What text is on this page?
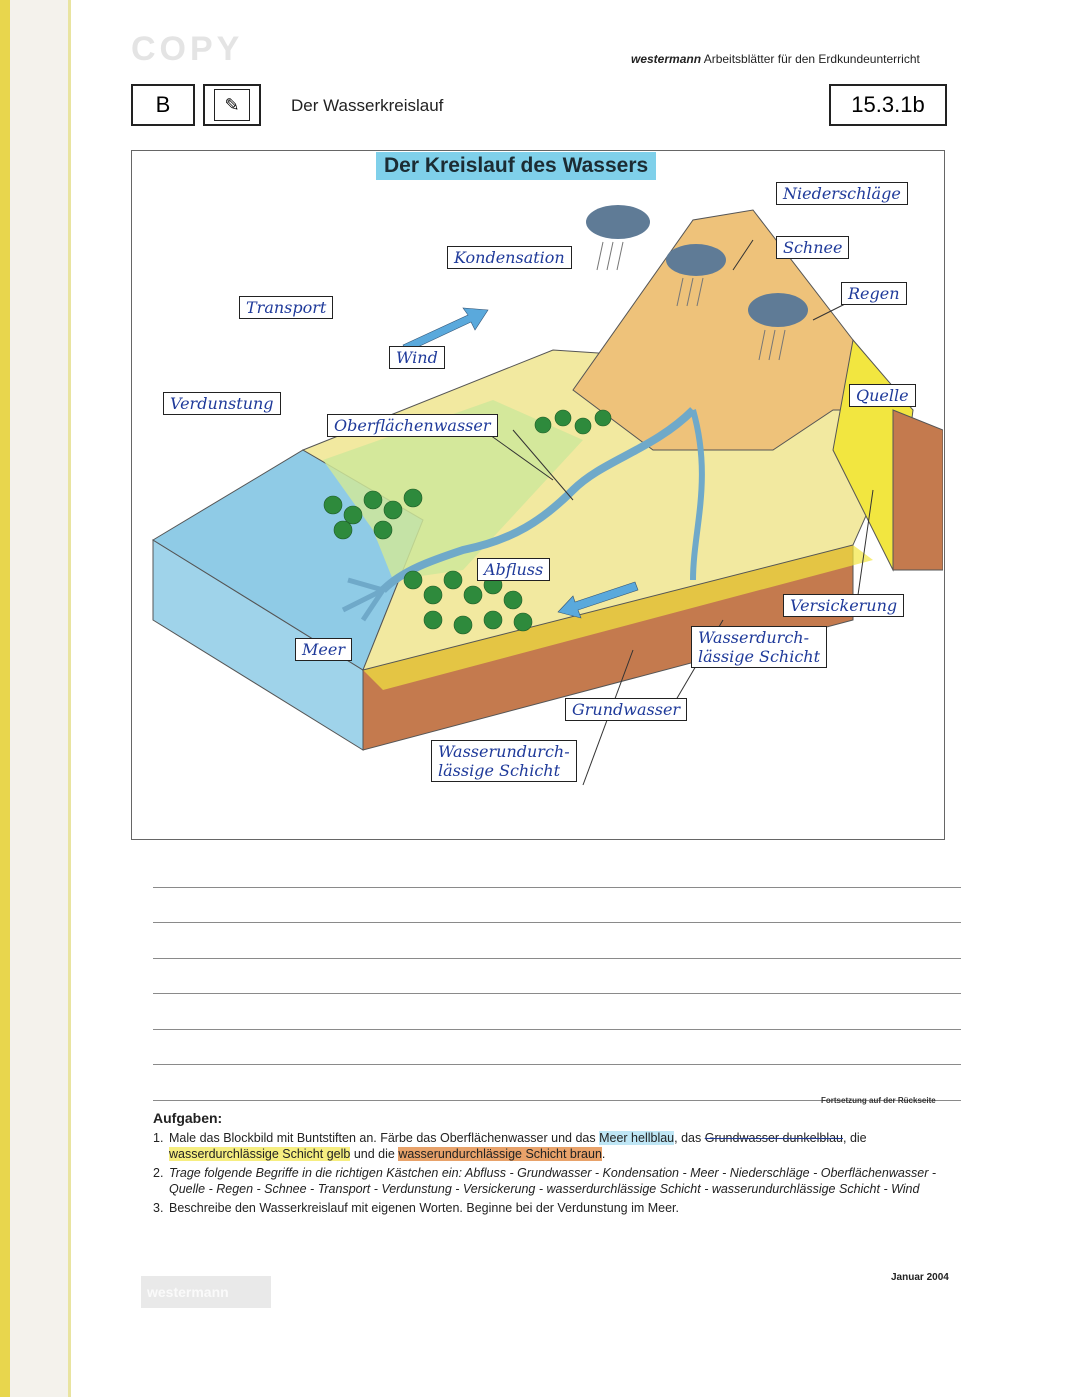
COPY	westermann Arbeitsblätter für den Erdkundeunterricht
B	✎	Der Wasserkreislauf	15.3.1b
Der Kreislauf des Wassers
Niederschläge
Schnee
Regen
Kondensation
Transport
Wind
Verdunstung
Oberflächenwasser
Quelle
Abfluss
Versickerung
Meer
Wasserdurch-
lässige Schicht
Grundwasser
Wasserundurch-
lässige Schicht
Fortsetzung auf der Rückseite
Aufgaben:
1. Male das Blockbild mit Buntstiften an. Färbe das Oberflächenwasser und das Meer hellblau, das Grundwasser dunkelblau, die wasserdurchlässige Schicht gelb und die wasserundurchlässige Schicht braun.
2. Trage folgende Begriffe in die richtigen Kästchen ein: Abfluss - Grundwasser - Kondensation - Meer - Niederschläge - Oberflächenwasser - Quelle - Regen - Schnee - Transport - Verdunstung - Versickerung - wasserdurchlässige Schicht - wasserundurchlässige Schicht - Wind
3. Beschreibe den Wasserkreislauf mit eigenen Worten. Beginne bei der Verdunstung im Meer.
westermann
Januar 2004
